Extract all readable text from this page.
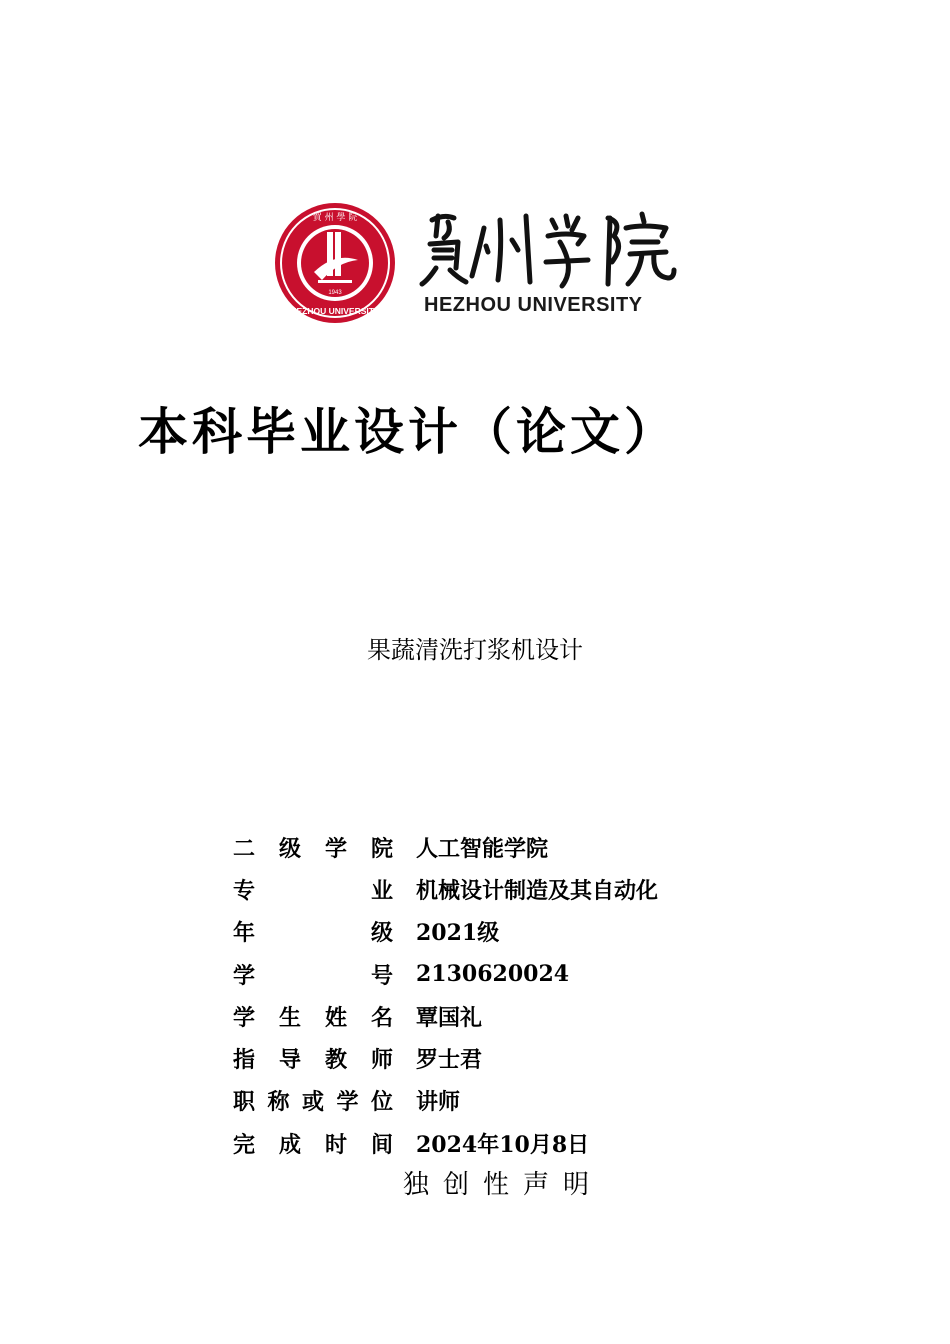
賀 州 學 院
HEZHOU UNIVERSITY
1943
HEZHOU UNIVERSITY
本科毕业设计（论文）
果蔬清洗打浆机设计
二 级 学 院	人工智能学院

专 业	机械设计制造及其自动化

年 级	2021级

学 号	2130620024

学 生 姓 名	覃国礼

指 导 教 师	罗士君

职 称 或 学 位	讲师

完 成 时 间	2024年10月8日
独创性声明
